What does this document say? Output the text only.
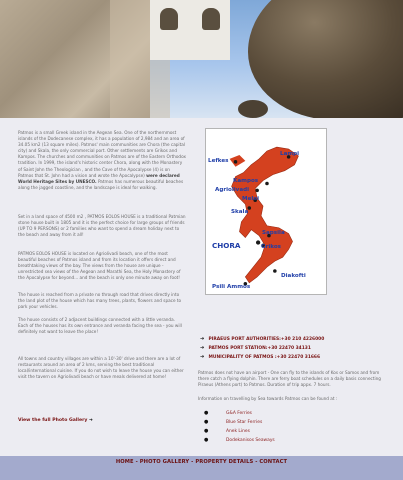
Patmos is a small Greek island in the Aegean Sea. One of the northernmost islands of the Dodecanese complex, it has a population of 2,984 and an area of 34.05 km2 (13 square miles). Patmos' main communities are Chora (the capital city) and Skala, the only commercial port. Other settlements are Grikos and Kampos. The churches and communities on Patmos are of the Eastern Orthodox tradition. In 1999, the island's historic center Chora, along with the Monastery of Saint John the Theologician , and the Cave of the Apocalypse (4) is on Patmos that St. John had a vision and wrote the Apocalypse) were declared World Heritage Sites by UNESCO. Patmos has numerous beautiful beaches along the jagged coastline, and the landscape is ideal for walking.
Set in a land space of 4500 m2 , PATMOS EOLOS HOUSE is a traditional Patmian stone house built in 1805 and it is the perfect choice for large groups of friends (UP TO 9 PERSONS) or 2 families who want to spend a dream holiday next to the beach and away from it all!
PATMOS EOLOS HOUSE is located on Agriolivadi beach, one of the most beautiful beaches of Patmos island and from its location it offers direct and breathtaking views of the bay. The views from the house are unique - unrestricted sea views of the Aegean and Marathi Sea, the Holy Monastery of the Apocalypse for beyond... and the beach is only one minute away on foot!
The house is reached from a private no through road that drives directly into the land plot of the house which has many trees, plants, flowers and space to park your vehicles.
The house consists of 2 adjacent buildings connected with a little veranda. Each of the houses has its own entrance and veranda facing the sea - you will definitely not want to leave the place!
All towns and country villages are within a 10'-30' drive and there are a lot of restaurants around an area of 2 kms, serving the best traditional local/international cuisine. If you do not wish to leave the house you can either visit the tavern on Agriolivadi beach or have meals delivered at home!
View the full Photo Gallery ➜
Lampi
Lefkes
Kampos
Agriolivadi
Meloi
Skala
Sapsila
CHORA	Grikos
Diakofti
Psili Ammos
➜ PIRAEUS PORT AUTHORITIES:+30 210 4226000
➜ PATMOS PORT STATION:+30 22470 34131
➜ MUNICIPALITY OF PATMOS :+30 22470 31666
Patmos does not have an airport - One can fly to the islands of Kos or Samos and from there catch a flying dolphin. There are ferry boat schedules on a daily basis connecting Piraeus (Athens port) to Patmos. Duration of trip appx. 7 hours.
Information on travelling by Sea towards Patmos can be found at :
●	G&A Ferries
●	Blue Star Ferries
●	Anek Lines
●	Dodekanisos Seaways
HOME - PHOTO GALLERY - PROPERTY DETAILS - CONTACT
